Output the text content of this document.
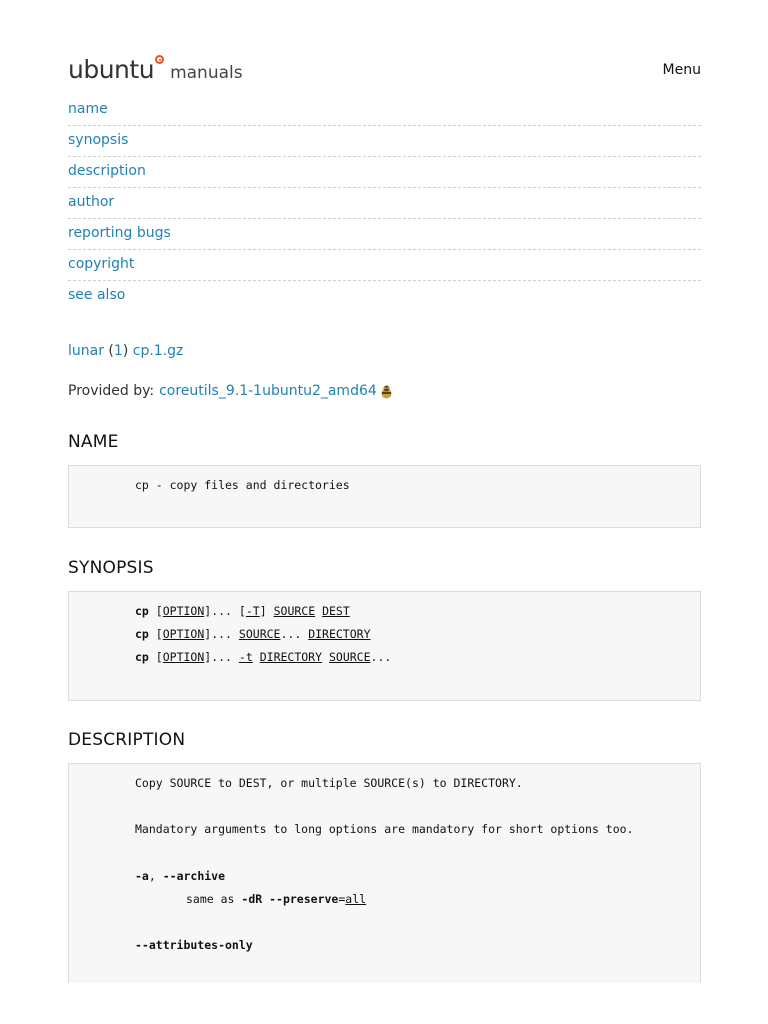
ubuntu manuals	Menu
name
synopsis
description
author
reporting bugs
copyright
see also
lunar (1) cp.1.gz
Provided by: coreutils_9.1-1ubuntu2_amd64
NAME
cp - copy files and directories
SYNOPSIS
cp [OPTION]... [-T] SOURCE DEST
cp [OPTION]... SOURCE... DIRECTORY
cp [OPTION]... -t DIRECTORY SOURCE...
DESCRIPTION
Copy SOURCE to DEST, or multiple SOURCE(s) to DIRECTORY.
Mandatory arguments to long options are mandatory for short options too.
-a, --archive
same as -dR --preserve=all
--attributes-only
